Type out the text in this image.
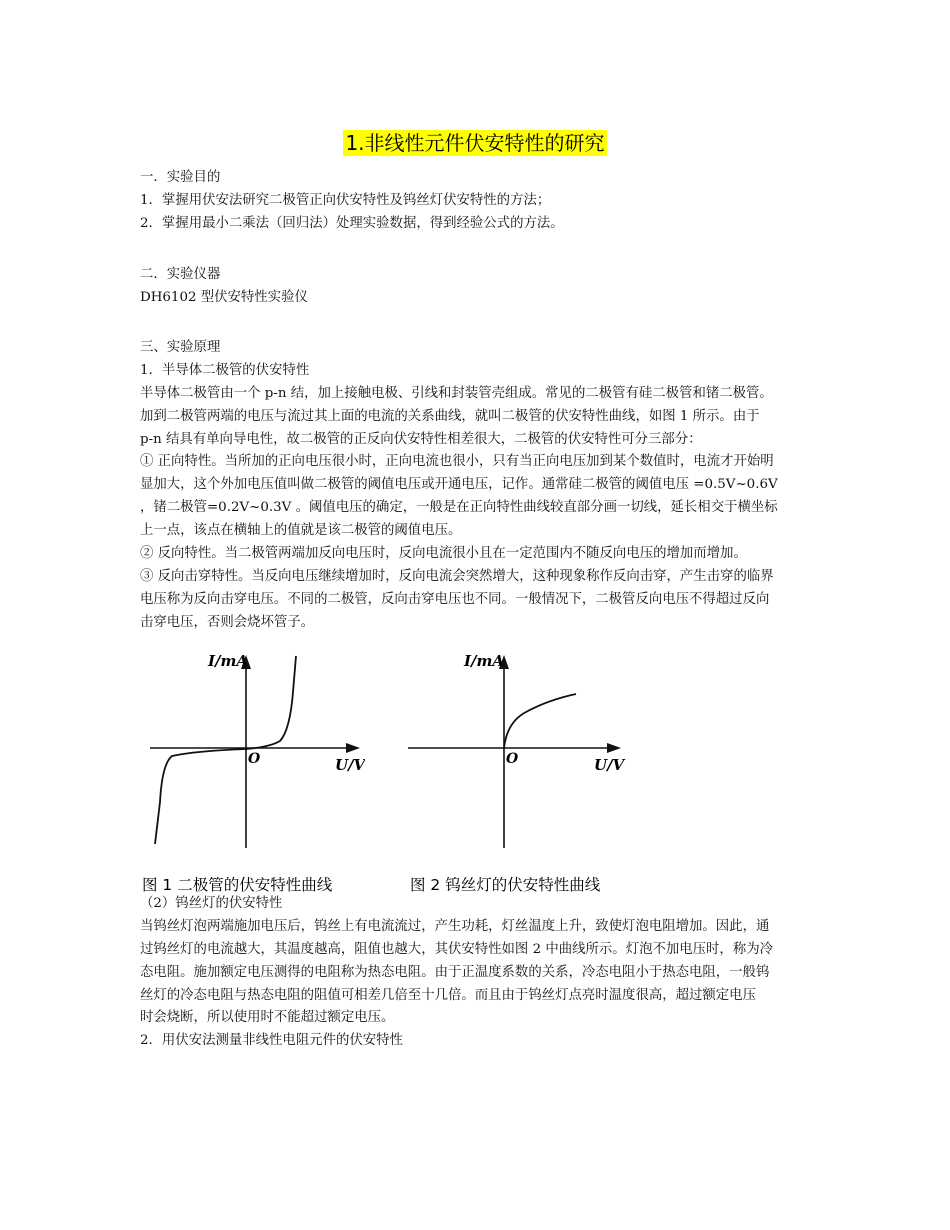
1.非线性元件伏安特性的研究
一．实验目的
1．掌握用伏安法研究二极管正向伏安特性及钨丝灯伏安特性的方法；
2．掌握用最小二乘法（回归法）处理实验数据，得到经验公式的方法。
二．实验仪器
DH6102 型伏安特性实验仪
三、实验原理
1．半导体二极管的伏安特性
半导体二极管由一个 p-n 结，加上接触电极、引线和封装管壳组成。常见的二极管有硅二极管和锗二极管。
加到二极管两端的电压与流过其上面的电流的关系曲线，就叫二极管的伏安特性曲线，如图 1 所示。由于
p-n 结具有单向导电性，故二极管的正反向伏安特性相差很大，二极管的伏安特性可分三部分：
① 正向特性。当所加的正向电压很小时，正向电流也很小，只有当正向电压加到某个数值时，电流才开始明
显加大，这个外加电压值叫做二极管的阈值电压或开通电压，记作。通常硅二极管的阈值电压 =0.5V~0.6V
，锗二极管=0.2V~0.3V 。阈值电压的确定，一般是在正向特性曲线较直部分画一切线，延长相交于横坐标
上一点，该点在横轴上的值就是该二极管的阈值电压。
② 反向特性。当二极管两端加反向电压时，反向电流很小且在一定范围内不随反向电压的增加而增加。
③ 反向击穿特性。当反向电压继续增加时，反向电流会突然增大，这种现象称作反向击穿，产生击穿的临界
电压称为反向击穿电压。不同的二极管，反向击穿电压也不同。一般情况下，二极管反向电压不得超过反向
击穿电压，否则会烧坏管子。
I/mA
O	U/V
I/mA
O	U/V
图 1 二极管的伏安特性曲线	图 2 钨丝灯的伏安特性曲线
（2）钨丝灯的伏安特性
当钨丝灯泡两端施加电压后，钨丝上有电流流过，产生功耗，灯丝温度上升，致使灯泡电阻增加。因此，通
过钨丝灯的电流越大，其温度越高，阻值也越大，其伏安特性如图 2 中曲线所示。灯泡不加电压时，称为冷
态电阻。施加额定电压测得的电阻称为热态电阻。由于正温度系数的关系，冷态电阻小于热态电阻，一般钨
丝灯的冷态电阻与热态电阻的阻值可相差几倍至十几倍。而且由于钨丝灯点亮时温度很高，超过额定电压
时会烧断，所以使用时不能超过额定电压。
2．用伏安法测量非线性电阻元件的伏安特性
